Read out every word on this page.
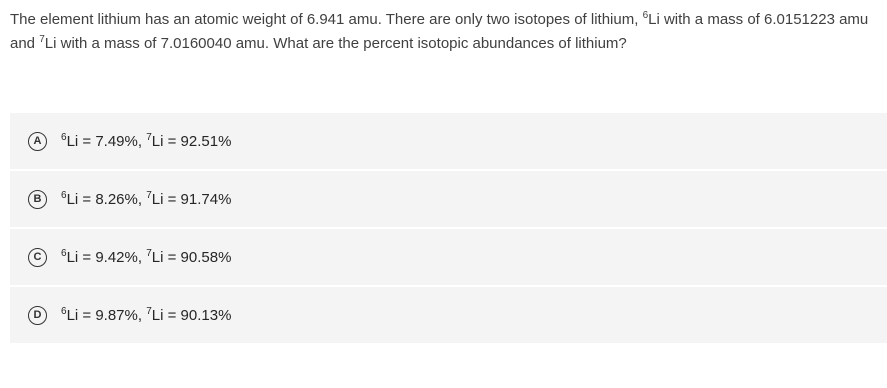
The element lithium has an atomic weight of 6.941 amu. There are only two isotopes of lithium, $^6$Li with a mass of 6.0151223 amu and $^7$Li with a mass of 7.0160040 amu. What are the percent isotopic abundances of lithium?
A	$^6$Li = 7.49%, $^7$Li = 92.51%
B	$^6$Li = 8.26%, $^7$Li = 91.74%
C	$^6$Li = 9.42%, $^7$Li = 90.58%
D	$^6$Li = 9.87%, $^7$Li = 90.13%
